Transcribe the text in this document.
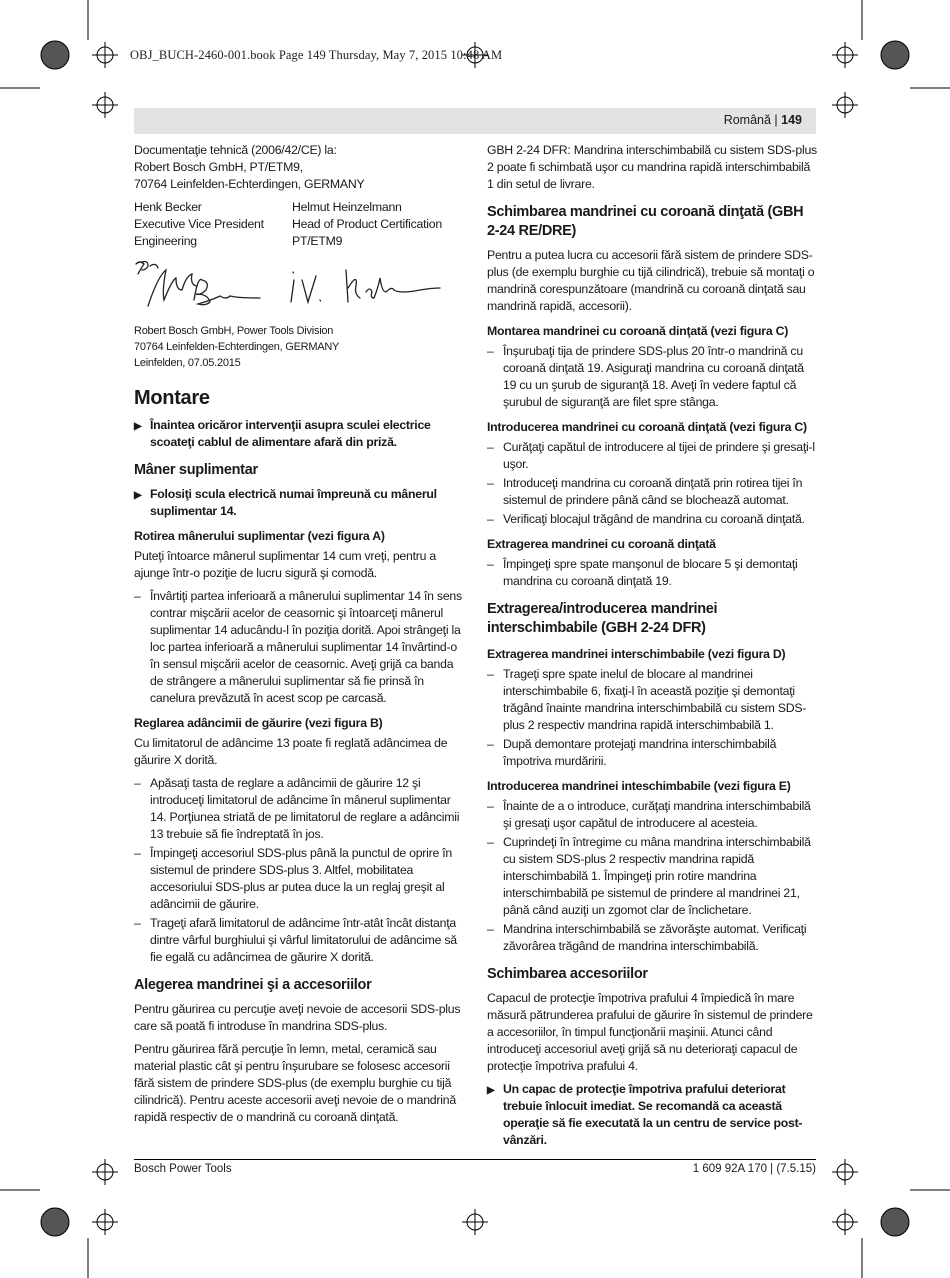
OBJ_BUCH-2460-001.book Page 149 Thursday, May 7, 2015 10:48 AM
Română | 149

Documentaţie tehnică (2006/42/CE) la:
Robert Bosch GmbH, PT/ETM9,
70764 Leinfelden-Echterdingen, GERMANY

Henk Becker
Executive Vice President
Engineering
Helmut Heinzelmann
Head of Product Certification
PT/ETM9

Robert Bosch GmbH, Power Tools Division
70764 Leinfelden-Echterdingen, GERMANY
Leinfelden, 07.05.2015

Montare
▶ Înaintea oricăror intervenţii asupra sculei electrice scoateţi cablul de alimentare afară din priză.
Mâner suplimentar
▶ Folosiţi scula electrică numai împreună cu mânerul suplimentar 14.
Rotirea mânerului suplimentar (vezi figura A)

Puteţi întoarce mânerul suplimentar 14 cum vreţi, pentru a ajunge într-o poziţie de lucru sigură şi comodă.

– Învârtiţi partea inferioară a mânerului suplimentar 14 în sens contrar mişcării acelor de ceasornic şi întoarceţi mânerul suplimentar 14 aducându-l în poziţia dorită. Apoi strângeţi la loc partea inferioară a mânerului suplimentar 14 învârtind-o în sensul mişcării acelor de ceasornic. Aveţi grijă ca banda de strângere a mânerului suplimentar să fie prinsă în canelura prevăzută în acest scop pe carcasă.
Reglarea adâncimii de găurire (vezi figura B)

Cu limitatorul de adâncime 13 poate fi reglată adâncimea de găurire X dorită.

– Apăsaţi tasta de reglare a adâncimii de găurire 12 şi introduceţi limitatorul de adâncime în mânerul suplimentar 14. Porţiunea striată de pe limitatorul de reglare a adâncimii 13 trebuie să fie îndreptată în jos.
– Împingeţi accesoriul SDS-plus până la punctul de oprire în sistemul de prindere SDS-plus 3. Altfel, mobilitatea accesoriului SDS-plus ar putea duce la un reglaj greşit al adâncimii de găurire.
– Trageţi afară limitatorul de adâncime într-atât încât distanţa dintre vârful burghiului şi vârful limitatorului de adâncime să fie egală cu adâncimea de găurire X dorită.
Alegerea mandrinei şi a accesoriilor

Pentru găurirea cu percuţie aveţi nevoie de accesorii SDS-plus care să poată fi introduse în mandrina SDS-plus.

Pentru găurirea fără percuţie în lemn, metal, ceramică sau material plastic cât şi pentru înşurubare se folosesc accesorii fără sistem de prindere SDS-plus (de exemplu burghie cu tijă cilindrică). Pentru aceste accesorii aveţi nevoie de o mandrină rapidă respectiv de o mandrină cu coroană dinţată.

GBH 2-24 DFR: Mandrina interschimbabilă cu sistem SDS-plus 2 poate fi schimbată uşor cu mandrina rapidă interschimbabilă 1 din setul de livrare.

Schimbarea mandrinei cu coroană dinţată (GBH 2-24 RE/DRE)

Pentru a putea lucra cu accesorii fără sistem de prindere SDS-plus (de exemplu burghie cu tijă cilindrică), trebuie să montaţi o mandrină corespunzătoare (mandrină cu coroană dinţată sau mandrină rapidă, accesorii).

Montarea mandrinei cu coroană dinţată (vezi figura C)
– Înşurubaţi tija de prindere SDS-plus 20 într-o mandrină cu coroană dinţată 19. Asiguraţi mandrina cu coroană dinţată 19 cu un şurub de siguranţă 18. Aveţi în vedere faptul că şurubul de siguranţă are filet spre stânga.
Introducerea mandrinei cu coroană dinţată (vezi figura C)
– Curăţaţi capătul de introducere al tijei de prindere şi gresaţi-l uşor.
– Introduceţi mandrina cu coroană dinţată prin rotirea tijei în sistemul de prindere până când se blochează automat.
– Verificaţi blocajul trăgând de mandrina cu coroană dinţată.
Extragerea mandrinei cu coroană dinţată
– Împingeţi spre spate manşonul de blocare 5 şi demontaţi mandrina cu coroană dinţată 19.
Extragerea/introducerea mandrinei interschimbabile (GBH 2-24 DFR)
Extragerea mandrinei interschimbabile (vezi figura D)
– Trageţi spre spate inelul de blocare al mandrinei interschimbabile 6, fixaţi-l în această poziţie şi demontaţi trăgând înainte mandrina interschimbabilă cu sistem SDS-plus 2 respectiv mandrina rapidă interschimbabilă 1.
– După demontare protejaţi mandrina interschimbabilă împotriva murdăririi.
Introducerea mandrinei inteschimbabile (vezi figura E)
– Înainte de a o introduce, curăţaţi mandrina interschimbabilă şi gresaţi uşor capătul de introducere al acesteia.
– Cuprindeţi în întregime cu mâna mandrina interschimbabilă cu sistem SDS-plus 2 respectiv mandrina rapidă interschimbabilă 1. Împingeţi prin rotire mandrina interschimbabilă pe sistemul de prindere al mandrinei 21, până când auziţi un zgomot clar de înclichetare.
– Mandrina interschimbabilă se zăvorăşte automat. Verificaţi zăvorârea trăgând de mandrina interschimbabilă.
Schimbarea accesoriilor

Capacul de protecţie împotriva prafului 4 împiedică în mare măsură pătrunderea prafului de găurire în sistemul de prindere a accesoriilor, în timpul funcţionării maşinii. Atunci când introduceţi accesoriul aveţi grijă să nu deterioraţi capacul de protecţie împotriva prafului 4.

▶ Un capac de protecţie împotriva prafului deteriorat trebuie înlocuit imediat. Se recomandă ca această operaţie să fie executată la un centru de service post-vânzări.
Bosch Power Tools	1 609 92A 170 | (7.5.15)
